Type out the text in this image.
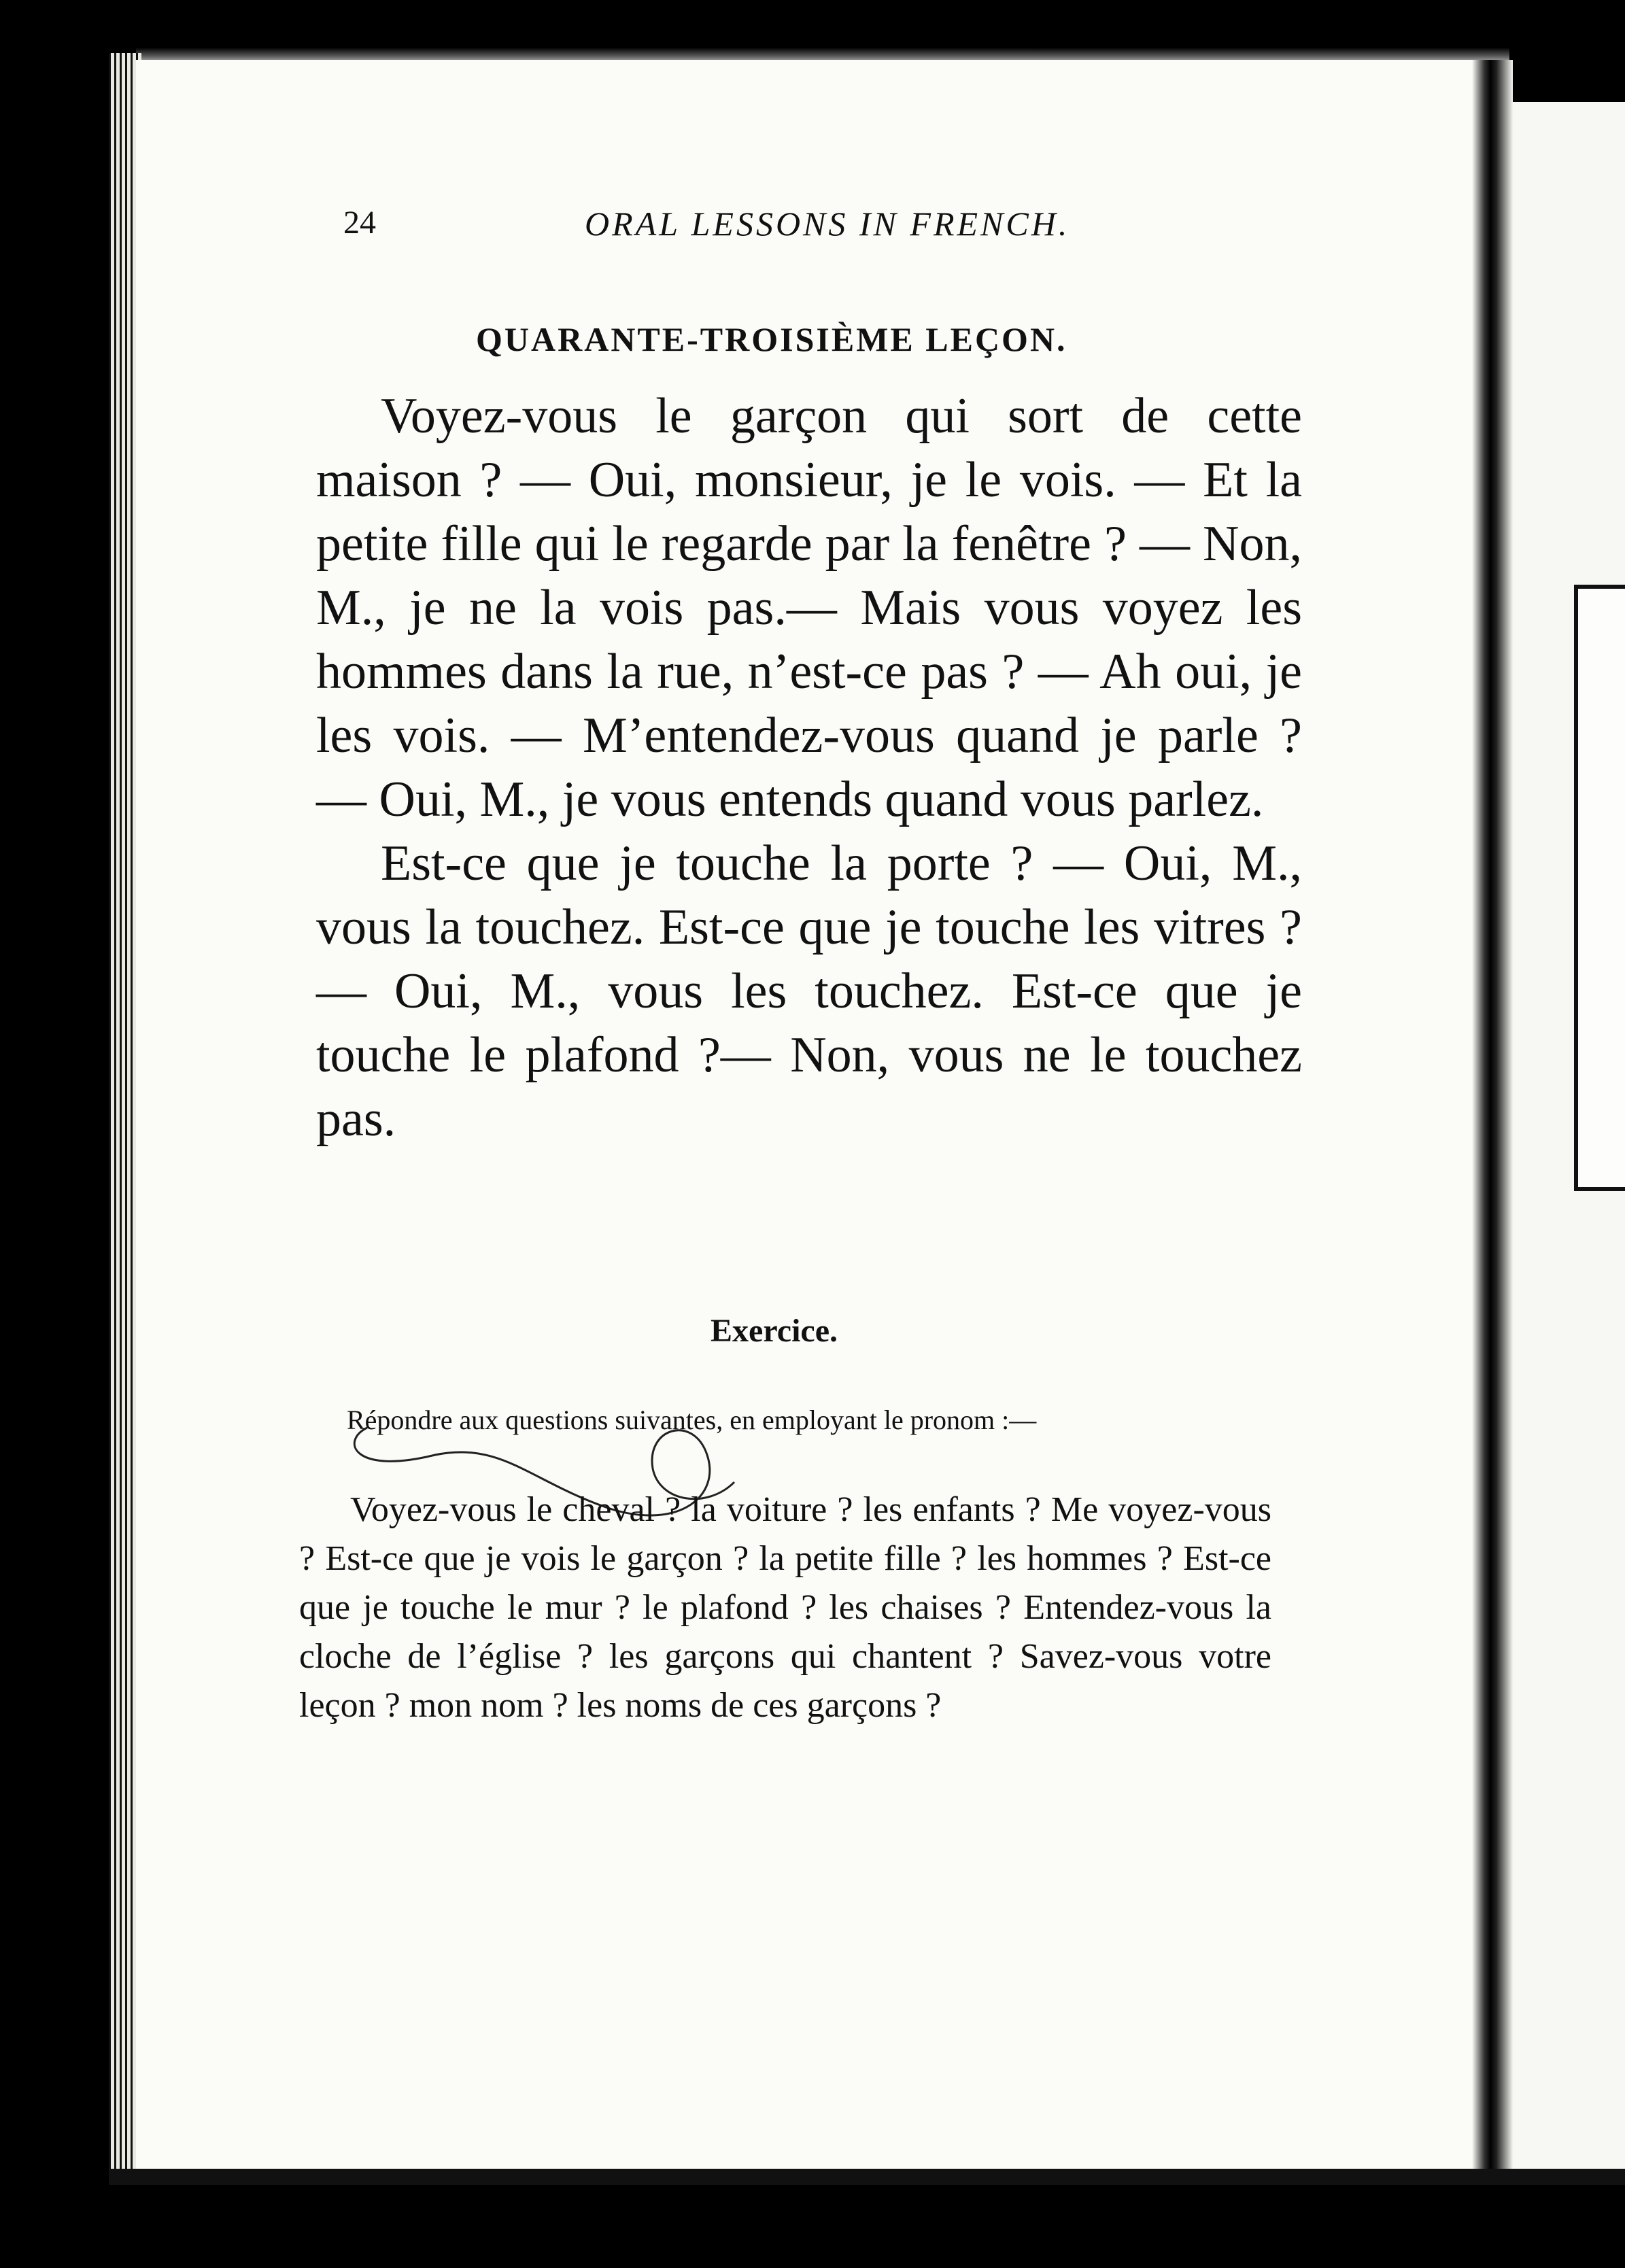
24	ORAL LESSONS IN FRENCH.
QUARANTE-TROISIÈME LEÇON.

Voyez-vous le garçon qui sort de cette maison ? — Oui, monsieur, je le vois. — Et la petite fille qui le regarde par la fenêtre ? — Non, M., je ne la vois pas.— Mais vous voyez les hommes dans la rue, n’est-ce pas ? — Ah oui, je les vois. — M’entendez-vous quand je parle ? — Oui, M., je vous entends quand vous parlez.

Est-ce que je touche la porte ? — Oui, M., vous la touchez. Est-ce que je touche les vitres ? — Oui, M., vous les touchez. Est-ce que je touche le plafond ?— Non, vous ne le touchez pas.

Exercice.
Répondre aux questions suivantes, en employant le pronom :—

Voyez-vous le cheval ? la voiture ? les enfants ? Me voyez-vous ? Est-ce que je vois le garçon ? la petite fille ? les hommes ? Est-ce que je touche le mur ? le plafond ? les chaises ? Entendez-vous la cloche de l’église ? les garçons qui chantent ? Savez-vous votre leçon ? mon nom ? les noms de ces garçons ?
